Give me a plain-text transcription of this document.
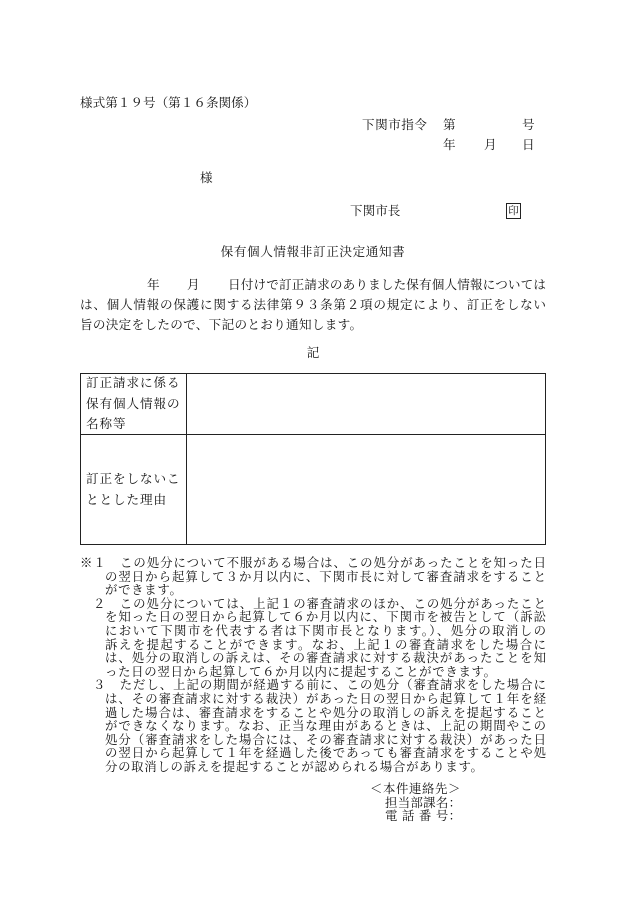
様式第１９号（第１６条関係）
下関市指令 第	号
年 月 日
様
下関市長	印
保有個人情報非訂正決定通知書
年 月 日付けで訂正請求のありました保有個人情報については
は、個人情報の保護に関する法律第９３条第２項の規定により、訂正をしない
旨の決定をしたので、下記のとおり通知します。
記
訂正請求に係る
保有個人情報の
名称等
訂正をしないこ
ととした理由
※１　この処分について不服がある場合は、この処分があったことを知った日
の翌日から起算して３か月以内に、下関市長に対して審査請求をすること
ができます。
２　この処分については、上記１の審査請求のほか、この処分があったこと
を知った日の翌日から起算して６か月以内に、下関市を被告として（訴訟
において下関市を代表する者は下関市長となります。）、処分の取消しの
訴えを提起することができます。なお、上記１の審査請求をした場合に
は、処分の取消しの訴えは、その審査請求に対する裁決があったことを知
った日の翌日から起算して６か月以内に提起することができます。
３　ただし、上記の期間が経過する前に、この処分（審査請求をした場合に
は、その審査請求に対する裁決）があった日の翌日から起算して１年を経
過した場合は、審査請求をすることや処分の取消しの訴えを提起すること
ができなくなります。なお、正当な理由があるときは、上記の期間やこの
処分（審査請求をした場合には、その審査請求に対する裁決）があった日
の翌日から起算して１年を経過した後であっても審査請求をすることや処
分の取消しの訴えを提起することが認められる場合があります。
＜本件連絡先＞
担当部課名：
電 話 番 号：
